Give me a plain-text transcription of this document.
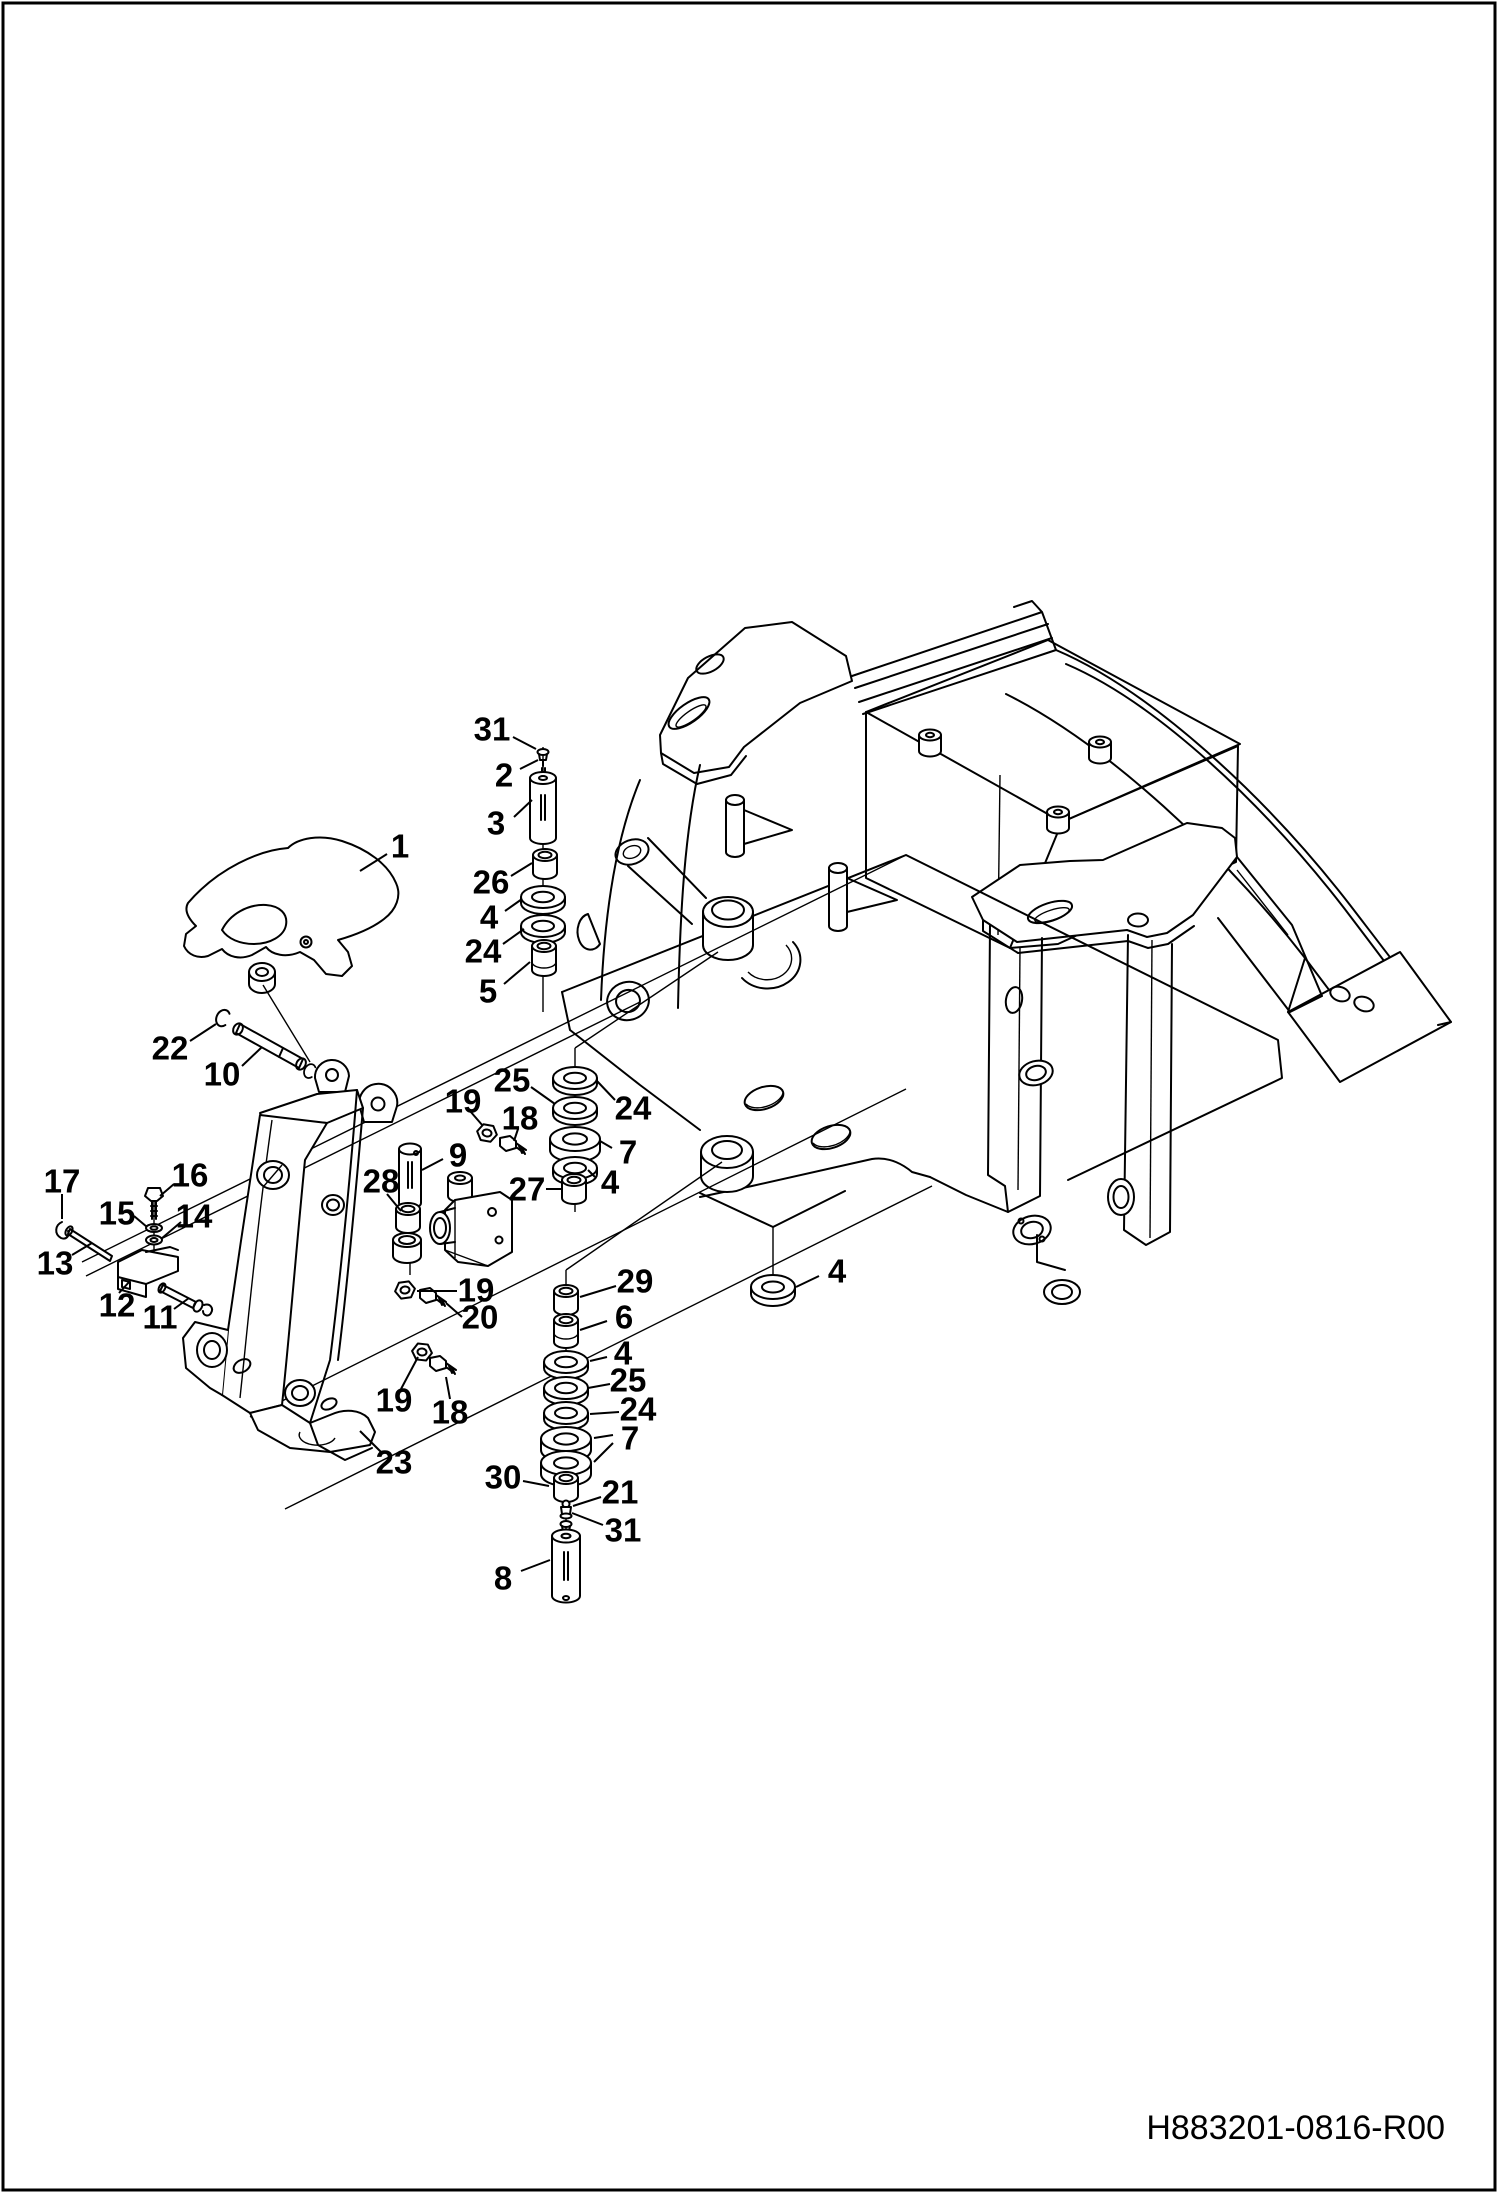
1
31
2
3
26
4
24
5
22
10
17	16
15 14
13
12 11
25
24
19 18
7
4
27
9
28
19
20
19 18
23
29
6
4
25
24
7
30 21
31
8
4
H883201-0816-R00
